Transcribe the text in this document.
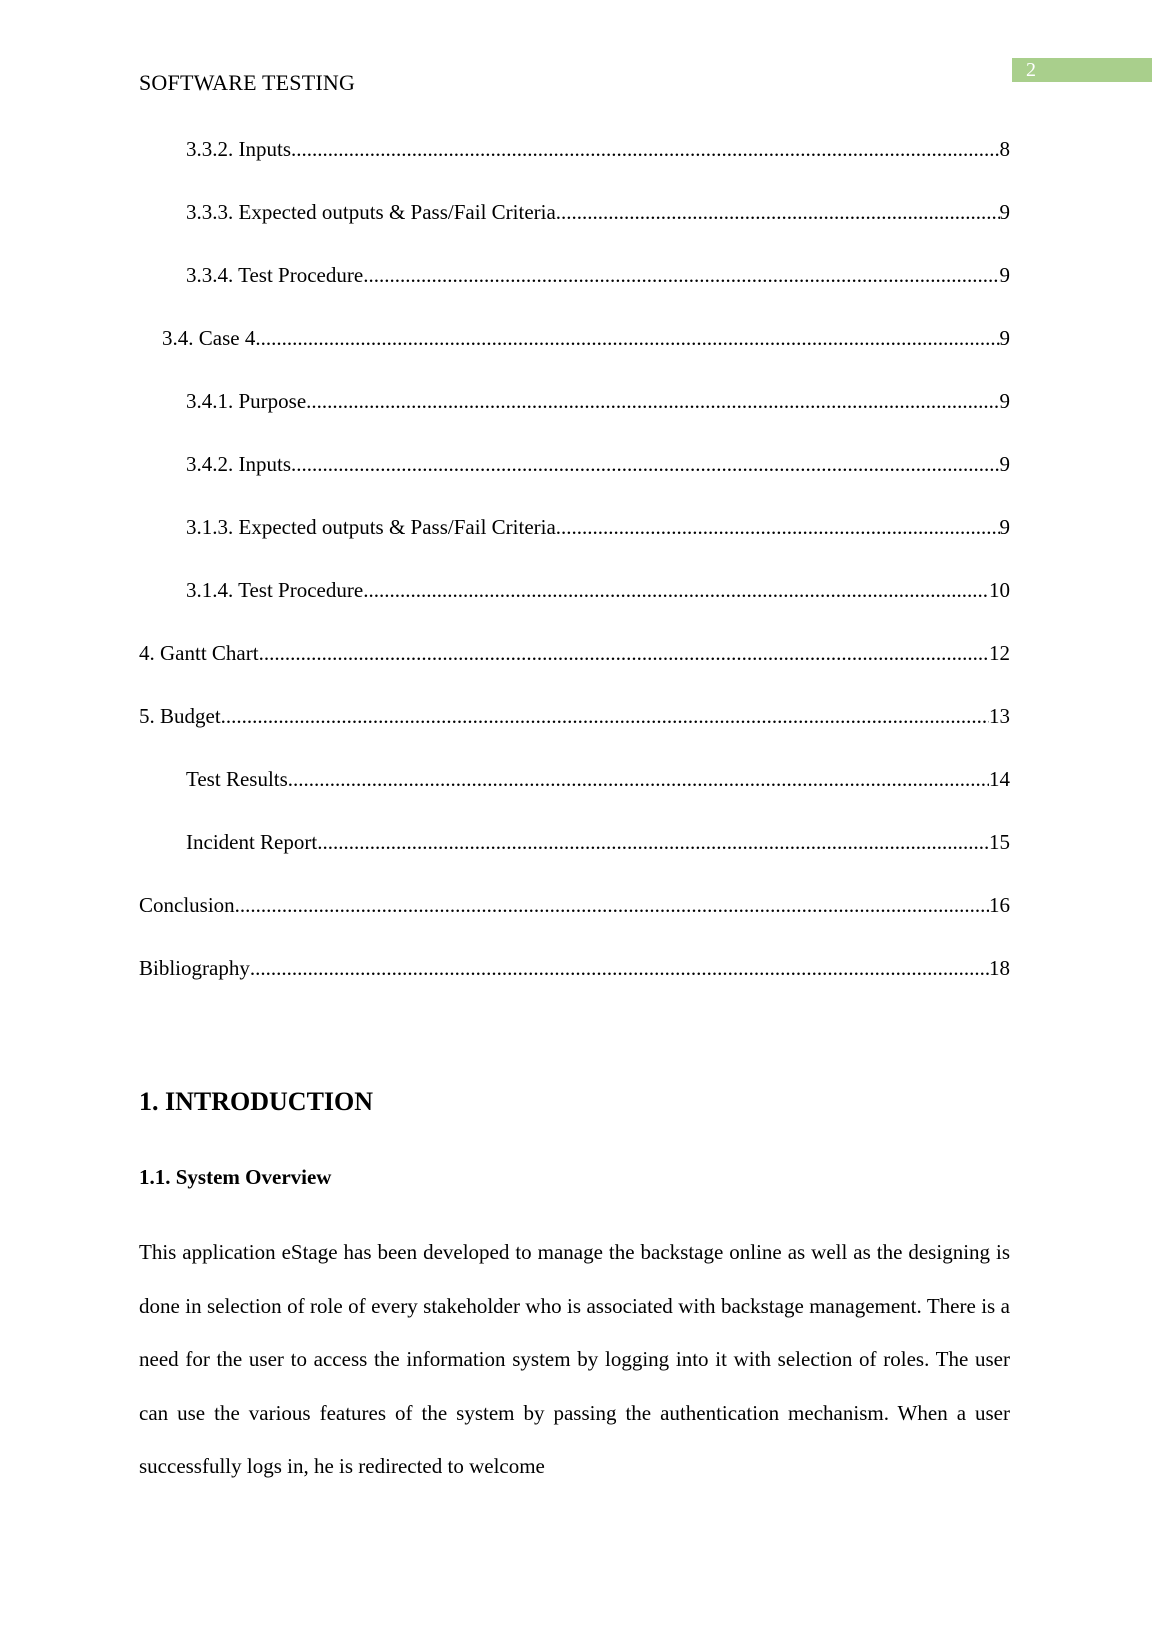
2
SOFTWARE TESTING
3.3.2. Inputs .....	8
3.3.3. Expected outputs & Pass/Fail Criteria .....	9
3.3.4. Test Procedure .....	9
3.4. Case 4 .....	9
3.4.1. Purpose .....	9
3.4.2. Inputs .....	9
3.1.3. Expected outputs & Pass/Fail Criteria .....	9
3.1.4. Test Procedure .....	10
4. Gantt Chart .....	12
5. Budget .....	13
Test Results .....	14
Incident Report .....	15
Conclusion .....	16
Bibliography .....	18
1. INTRODUCTION
1.1. System Overview

This application eStage has been developed to manage the backstage online as well as the designing is done in selection of role of every stakeholder who is associated with backstage management. There is a need for the user to access the information system by logging into it with selection of roles. The user can use the various features of the system by passing the authentication mechanism. When a user successfully logs in, he is redirected to welcome
